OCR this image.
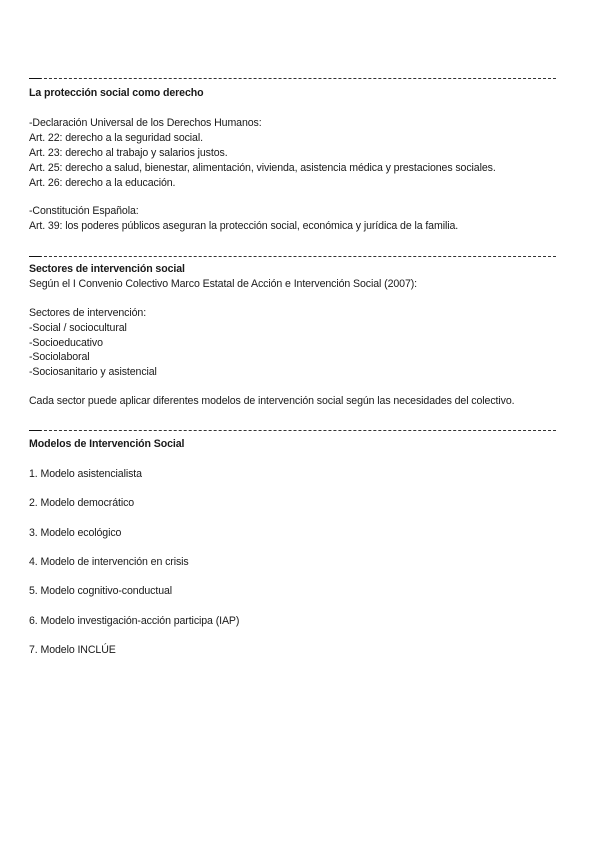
La protección social como derecho
-Declaración Universal de los Derechos Humanos:
Art. 22: derecho a la seguridad social.
Art. 23: derecho al trabajo y salarios justos.
Art. 25: derecho a salud, bienestar, alimentación, vivienda, asistencia médica y prestaciones sociales.
Art. 26: derecho a la educación.
-Constitución Española:
Art. 39: los poderes públicos aseguran la protección social, económica y jurídica de la familia.
Sectores de intervención social
Según el I Convenio Colectivo Marco Estatal de Acción e Intervención Social (2007):
Sectores de intervención:
-Social / sociocultural
-Socioeducativo
-Sociolaboral
-Sociosanitario y asistencial
Cada sector puede aplicar diferentes modelos de intervención social según las necesidades del colectivo.
Modelos de Intervención Social
1. Modelo asistencialista
2. Modelo democrático
3. Modelo ecológico
4. Modelo de intervención en crisis
5. Modelo cognitivo-conductual
6. Modelo investigación-acción participa (IAP)
7. Modelo INCLÚE
